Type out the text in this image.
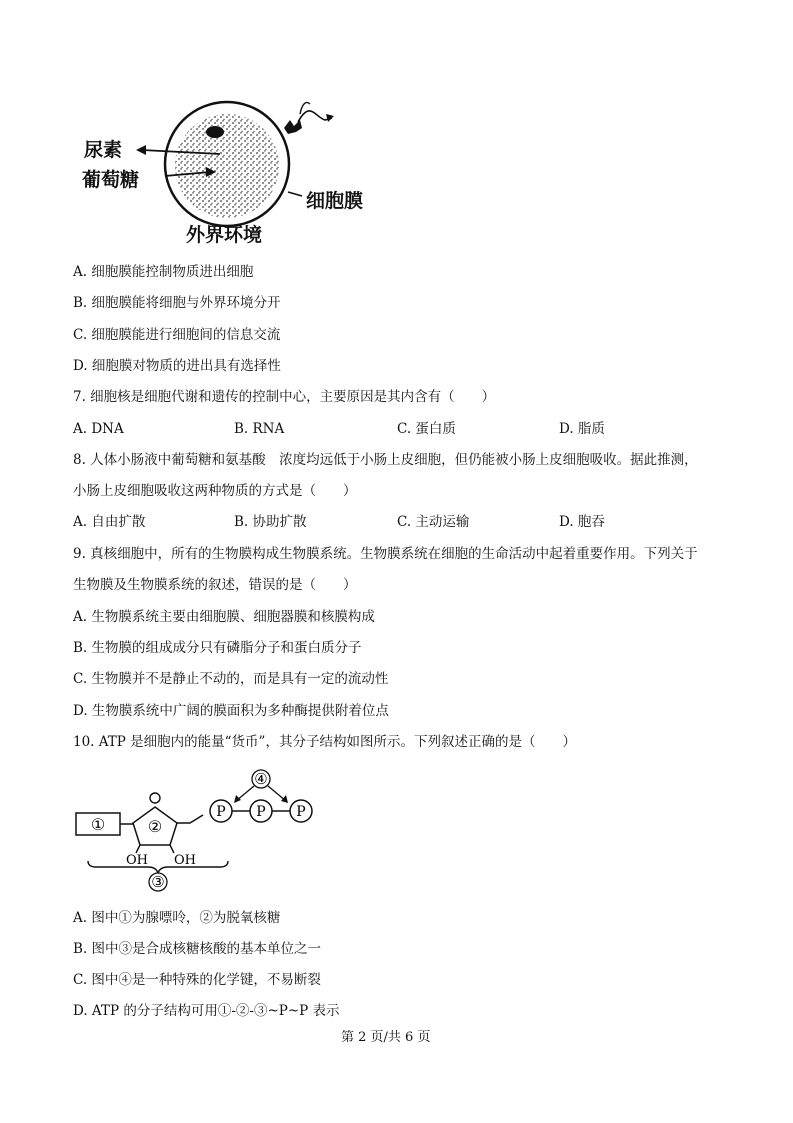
尿素
葡萄糖
细胞膜
外界环境
A. 细胞膜能控制物质进出细胞
B. 细胞膜能将细胞与外界环境分开
C. 细胞膜能进行细胞间的信息交流
D. 细胞膜对物质的进出具有选择性
7. 细胞核是细胞代谢和遗传的控制中心，主要原因是其内含有（　　）
A. DNA	B. RNA	C. 蛋白质	D. 脂质
8. 人体小肠液中葡萄糖和氨基酸　浓度均远低于小肠上皮细胞，但仍能被小肠上皮细胞吸收。据此推测，
小肠上皮细胞吸收这两种物质的方式是（　　）
A. 自由扩散	B. 协助扩散	C. 主动运输	D. 胞吞
9. 真核细胞中，所有的生物膜构成生物膜系统。生物膜系统在细胞的生命活动中起着重要作用。下列关于
生物膜及生物膜系统的叙述，错误的是（　　）
A. 生物膜系统主要由细胞膜、细胞器膜和核膜构成
B. 生物膜的组成成分只有磷脂分子和蛋白质分子
C. 生物膜并不是静止不动的，而是具有一定的流动性
D. 生物膜系统中广阔的膜面积为多种酶提供附着位点
10. ATP 是细胞内的能量“货币”，其分子结构如图所示。下列叙述正确的是（　　）
①	②
OH OH
P P P
④
③
A. 图中①为腺嘌呤，②为脱氧核糖
B. 图中③是合成核糖核酸的基本单位之一
C. 图中④是一种特殊的化学键，不易断裂
D. ATP 的分子结构可用①-②-③~P~P 表示
第 2 页/共 6 页
